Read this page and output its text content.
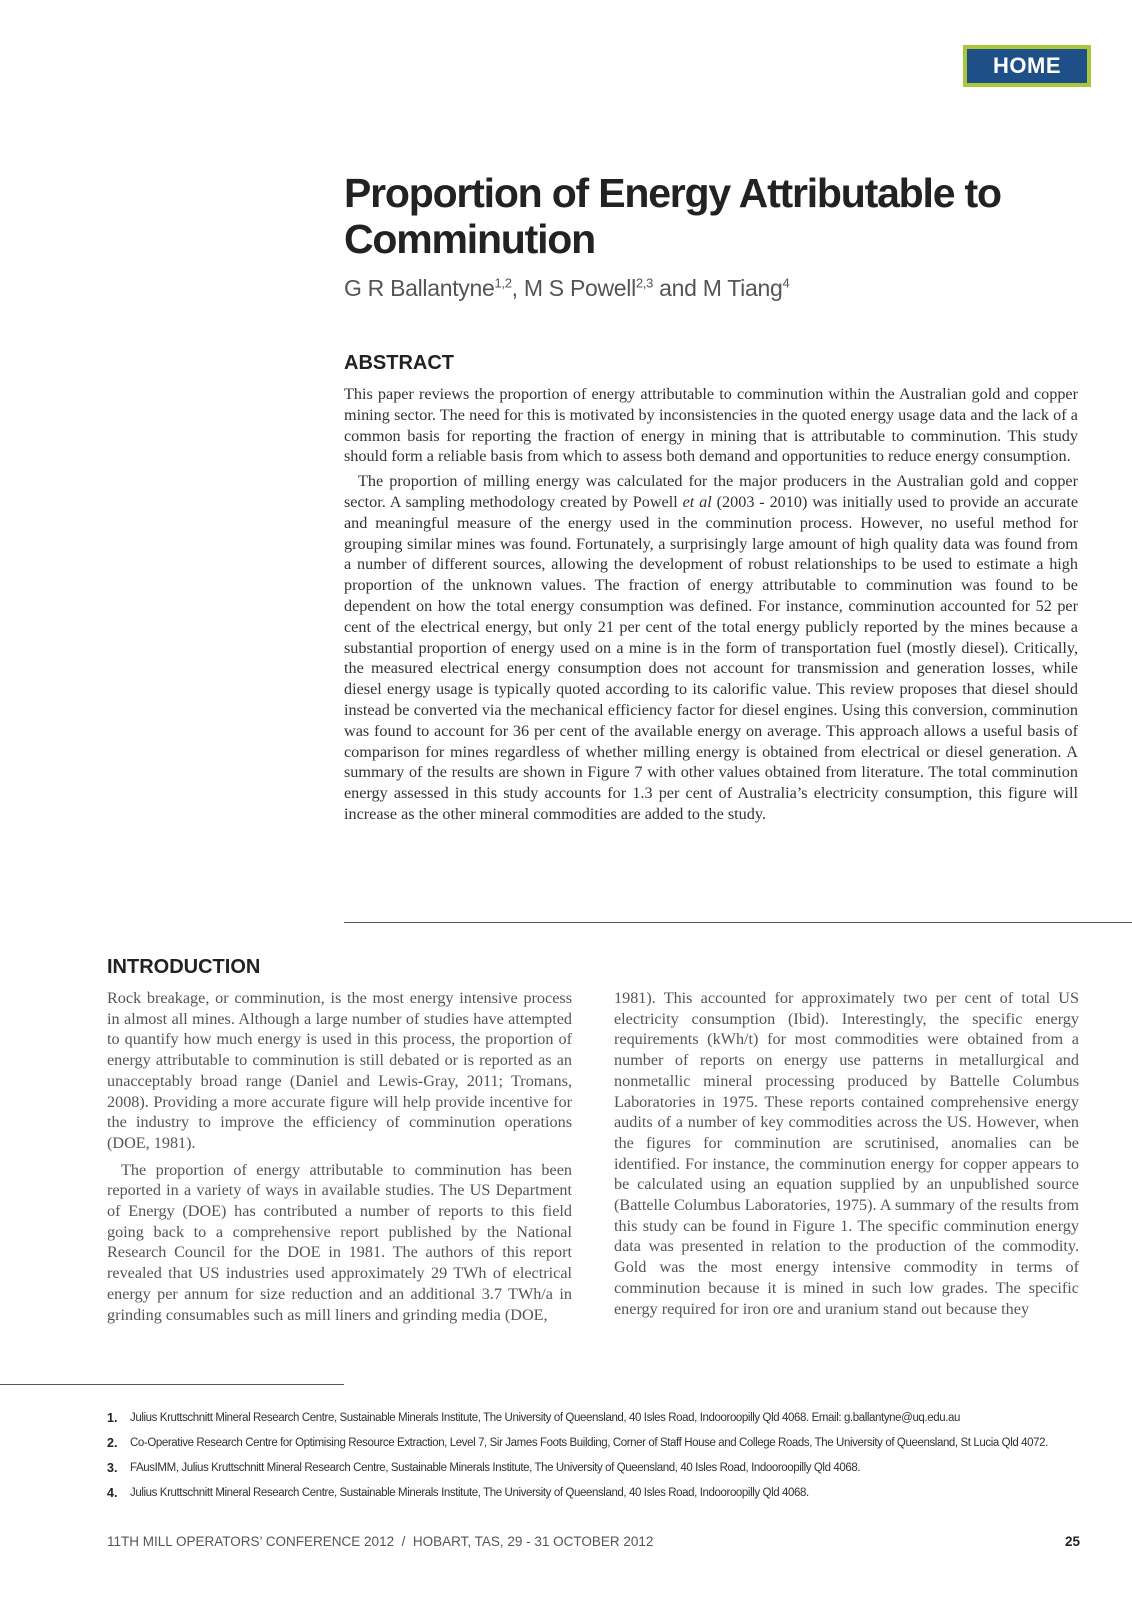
HOME
Proportion of Energy Attributable to Comminution

G R Ballantyne$^{1,2}$, M S Powell$^{2,3}$ and M Tiang$^4$

ABSTRACT

This paper reviews the proportion of energy attributable to comminution within the Australian gold and copper mining sector. The need for this is motivated by inconsistencies in the quoted energy usage data and the lack of a common basis for reporting the fraction of energy in mining that is attributable to comminution. This study should form a reliable basis from which to assess both demand and opportunities to reduce energy consumption.

The proportion of milling energy was calculated for the major producers in the Australian gold and copper sector. A sampling methodology created by Powell et al (2003 - 2010) was initially used to provide an accurate and meaningful measure of the energy used in the comminution process. However, no useful method for grouping similar mines was found. Fortunately, a surprisingly large amount of high quality data was found from a number of different sources, allowing the development of robust relationships to be used to estimate a high proportion of the unknown values. The fraction of energy attributable to comminution was found to be dependent on how the total energy consumption was defined. For instance, comminution accounted for 52 per cent of the electrical energy, but only 21 per cent of the total energy publicly reported by the mines because a substantial proportion of energy used on a mine is in the form of transportation fuel (mostly diesel). Critically, the measured electrical energy consumption does not account for transmission and generation losses, while diesel energy usage is typically quoted according to its calorific value. This review proposes that diesel should instead be converted via the mechanical efficiency factor for diesel engines. Using this conversion, comminution was found to account for 36 per cent of the available energy on average. This approach allows a useful basis of comparison for mines regardless of whether milling energy is obtained from electrical or diesel generation. A summary of the results are shown in Figure 7 with other values obtained from literature. The total comminution energy assessed in this study accounts for 1.3 per cent of Australia’s electricity consumption, this figure will increase as the other mineral commodities are added to the study.

INTRODUCTION

Rock breakage, or comminution, is the most energy intensive process in almost all mines. Although a large number of studies have attempted to quantify how much energy is used in this process, the proportion of energy attributable to comminution is still debated or is reported as an unacceptably broad range (Daniel and Lewis-Gray, 2011; Tromans, 2008). Providing a more accurate figure will help provide incentive for the industry to improve the efficiency of comminution operations (DOE, 1981).

The proportion of energy attributable to comminution has been reported in a variety of ways in available studies. The US Department of Energy (DOE) has contributed a number of reports to this field going back to a comprehensive report published by the National Research Council for the DOE in 1981. The authors of this report revealed that US industries used approximately 29 TWh of electrical energy per annum for size reduction and an additional 3.7 TWh/a in grinding consumables such as mill liners and grinding media (DOE,

1981). This accounted for approximately two per cent of total US electricity consumption (Ibid). Interestingly, the specific energy requirements (kWh/t) for most commodities were obtained from a number of reports on energy use patterns in metallurgical and nonmetallic mineral processing produced by Battelle Columbus Laboratories in 1975. These reports contained comprehensive energy audits of a number of key commodities across the US. However, when the figures for comminution are scrutinised, anomalies can be identified. For instance, the comminution energy for copper appears to be calculated using an equation supplied by an unpublished source (Battelle Columbus Laboratories, 1975). A summary of the results from this study can be found in Figure 1. The specific comminution energy data was presented in relation to the production of the commodity. Gold was the most energy intensive commodity in terms of comminution because it is mined in such low grades. The specific energy required for iron ore and uranium stand out because they

1.	Julius Kruttschnitt Mineral Research Centre, Sustainable Minerals Institute, The University of Queensland, 40 Isles Road, Indooroopilly Qld 4068. Email: g.ballantyne@uq.edu.au
2.	Co-Operative Research Centre for Optimising Resource Extraction, Level 7, Sir James Foots Building, Corner of Staff House and College Roads, The University of Queensland, St Lucia Qld 4072.
3.	FAusIMM, Julius Kruttschnitt Mineral Research Centre, Sustainable Minerals Institute, The University of Queensland, 40 Isles Road, Indooroopilly Qld 4068.
4.	Julius Kruttschnitt Mineral Research Centre, Sustainable Minerals Institute, The University of Queensland, 40 Isles Road, Indooroopilly Qld 4068.
11TH MILL OPERATORS’ CONFERENCE 2012  /  HOBART, TAS, 29 - 31 OCTOBER 2012	25
